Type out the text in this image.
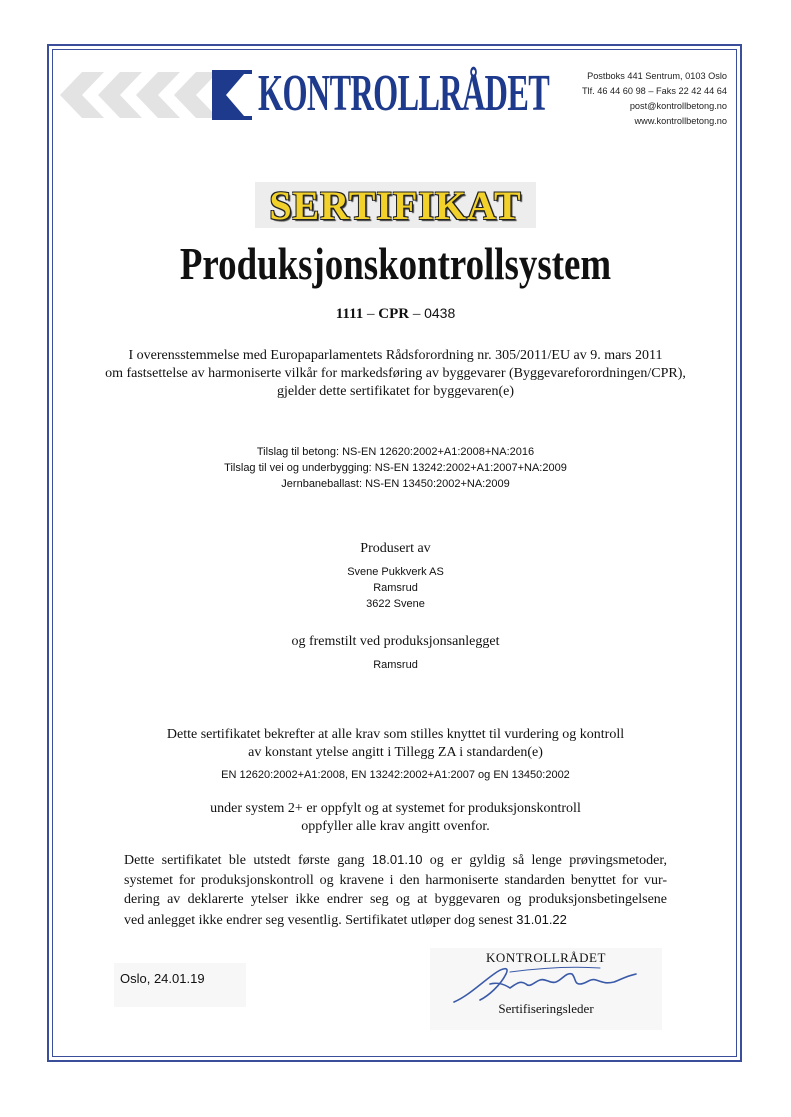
KONTROLLRÅDET	Postboks 441 Sentrum, 0103 Oslo
Tlf. 46 44 60 98 – Faks 22 42 44 64
post@kontrollbetong.no
www.kontrollbetong.no
SERTIFIKAT
Produksjonskontrollsystem
1111 – CPR – 0438
I overensstemmelse med Europaparlamentets Rådsforordning nr. 305/2011/EU av 9. mars 2011
om fastsettelse av harmoniserte vilkår for markedsføring av byggevarer (Byggevareforordningen/CPR),
gjelder dette sertifikatet for byggevaren(e)
Tilslag til betong: NS-EN 12620:2002+A1:2008+NA:2016
Tilslag til vei og underbygging: NS-EN 13242:2002+A1:2007+NA:2009
Jernbaneballast: NS-EN 13450:2002+NA:2009
Produsert av
Svene Pukkverk AS
Ramsrud
3622 Svene
og fremstilt ved produksjonsanlegget
Ramsrud
Dette sertifikatet bekrefter at alle krav som stilles knyttet til vurdering og kontroll
av konstant ytelse angitt i Tillegg ZA i standarden(e)
EN 12620:2002+A1:2008, EN 13242:2002+A1:2007 og EN 13450:2002
under system 2+ er oppfylt og at systemet for produksjonskontroll
oppfyller alle krav angitt ovenfor.
Dette sertifikatet ble utstedt første gang 18.01.10 og er gyldig så lenge prøvingsmetoder,
systemet for produksjonskontroll og kravene i den harmoniserte standarden benyttet for vur-
dering av deklarerte ytelser ikke endrer seg og at byggevaren og produksjonsbetingelsene
ved anlegget ikke endrer seg vesentlig. Sertifikatet utløper dog senest 31.01.22
Oslo, 24.01.19
KONTROLLRÅDET
Sertifiseringsleder
